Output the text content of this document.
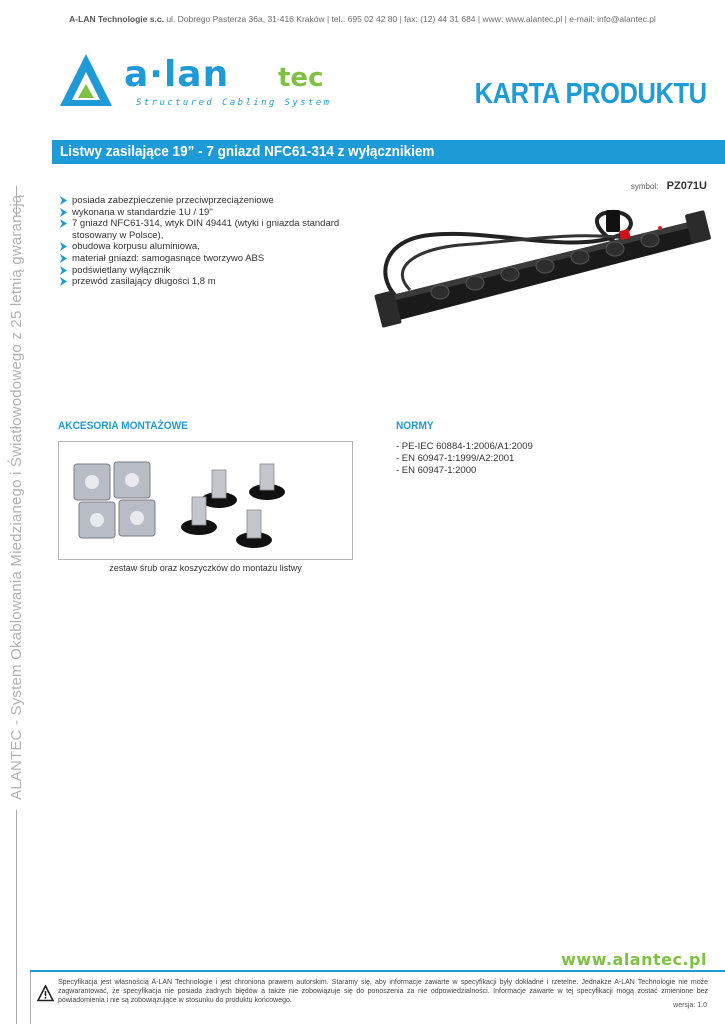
A-LAN Technologie s.c. ul. Dobrego Pasterza 36a, 31-416 Kraków | tel.: 695 02 42 80 | fax: (12) 44 31 684 | www: www.alantec.pl | e-mail: info@alantec.pl
a·lan tec
Structured Cabling System	KARTA PRODUKTU
Listwy zasilające 19” - 7 gniazd NFC61-314 z wyłącznikiem
symbol: PZ071U
posiada zabezpieczenie przeciwprzeciążeniowe
wykonana w standardzie 1U / 19''
7 gniazd NFC61-314, wtyk DIN 49441 (wtyki i gniazda standard stosowany w Polsce),
obudowa korpusu aluminiowa,
materiał gniazd: samogasnące tworzywo ABS
podświetlany wyłącznik
przewód zasilający długości 1,8 m
AKCESORIA MONTAŻOWE
zestaw śrub oraz koszyczków do montażu listwy
NORMY
- PE-IEC 60884-1:2006/A1:2009
- EN 60947-1:1999/A2:2001
- EN 60947-1:2000
ALANTEC - System Okablowania Miedzianego i Światłowodowego z 25 letnią gwarancją
www.alantec.pl
Specyfikacja jest własnością A-LAN Technologie i jest chroniona prawem autorskim. Staramy się, aby informacje zawarte w specyfikacji były dokładne i rzetelne. Jednakże A-LAN Technologie nie może zagwarantować, że specyfikacja nie posiada żadnych błędów a także nie zobowiązuje się do ponoszenia za nie odpowiedzialności. Informacje zawarte w tej specyfikacji mogą zostać zmienione bez powiadomienia i nie są zobowiązujące w stosunku do produktu końcowego.
wersja: 1.0
